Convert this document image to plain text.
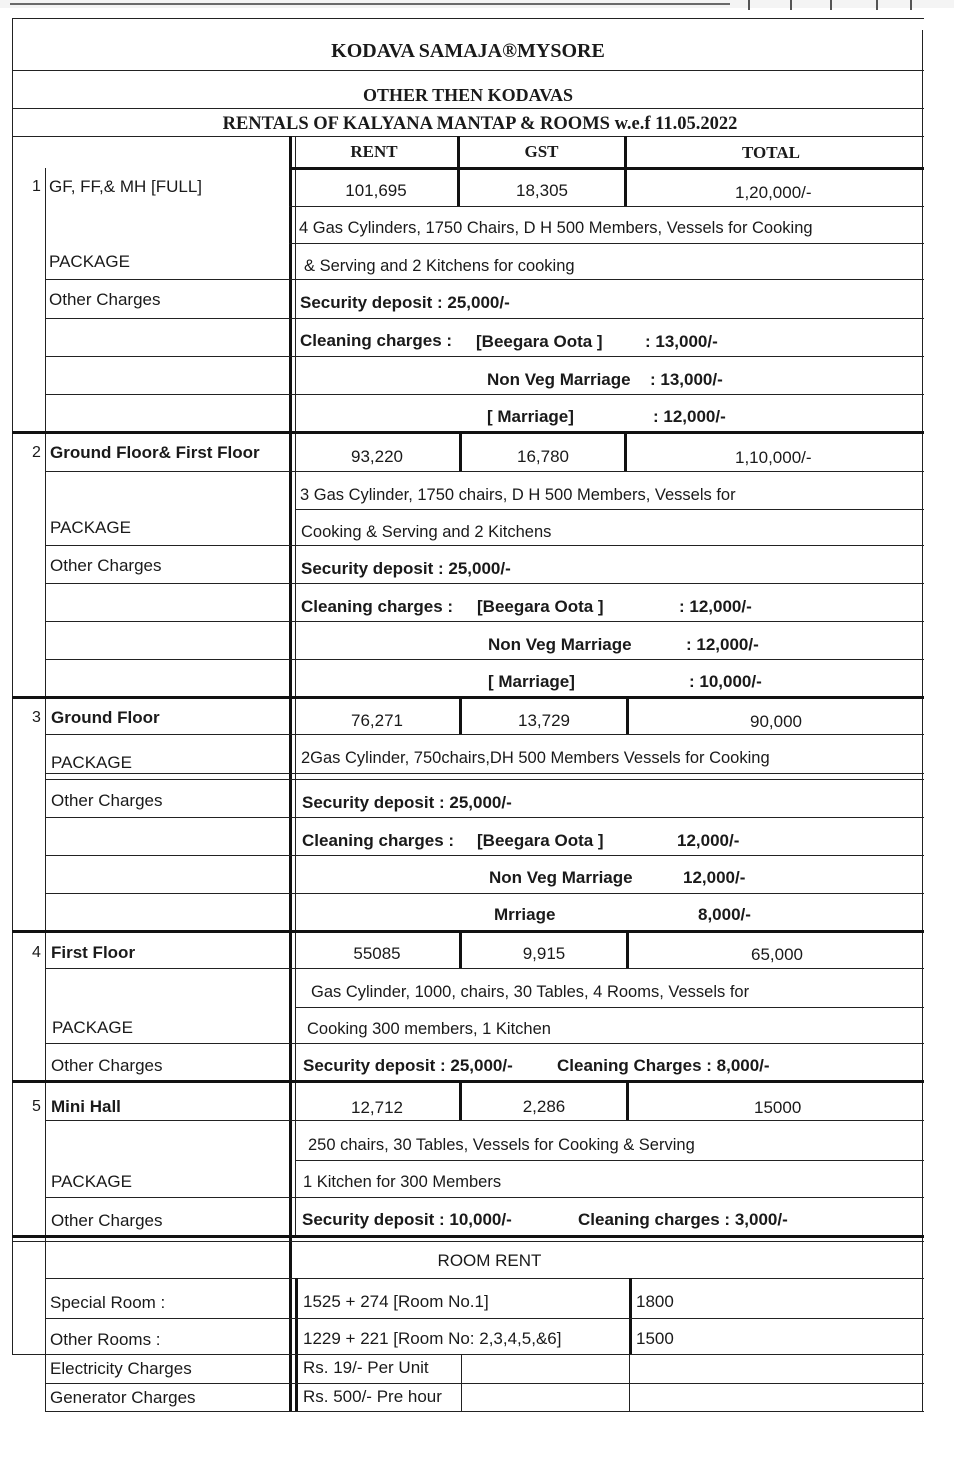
KODAVA SAMAJA®MYSORE
OTHER THEN KODAVAS
RENTALS OF KALYANA MANTAP & ROOMS w.e.f 11.05.2022
RENT	GST	TOTAL
1 GF, FF,& MH [FULL]	101,695	18,305	1,20,000/-
4 Gas Cylinders, 1750 Chairs, D H 500 Members, Vessels for Cooking
PACKAGE	& Serving and 2 Kitchens for cooking
Other Charges	Security deposit : 25,000/-
Cleaning charges : [Beegara Oota ] : 13,000/-
Non Veg Marriage : 13,000/-
[ Marriage]	: 12,000/-
2 Ground Floor& First Floor	93,220	16,780	1,10,000/-
3 Gas Cylinder, 1750 chairs, D H 500 Members, Vessels for
PACKAGE	Cooking & Serving and 2 Kitchens
Other Charges	Security deposit : 25,000/-
Cleaning charges : [Beegara Oota ]	: 12,000/-
Non Veg Marriage	: 12,000/-
[ Marriage]	: 10,000/-
3 Ground Floor	76,271	13,729	90,000
PACKAGE	2Gas Cylinder, 750chairs,DH 500 Members Vessels for Cooking
Other Charges	Security deposit : 25,000/-
Cleaning charges : [Beegara Oota ]	12,000/-
Non Veg Marriage	12,000/-
Mrriage	8,000/-
4 First Floor	55085	9,915	65,000
Gas Cylinder, 1000, chairs, 30 Tables, 4 Rooms, Vessels for
PACKAGE	Cooking 300 members, 1 Kitchen
Other Charges	Security deposit : 25,000/-	Cleaning Charges : 8,000/-
5 Mini Hall	12,712	2,286	15000
250 chairs, 30 Tables, Vessels for Cooking & Serving
PACKAGE	1 Kitchen for 300 Members
Other Charges	Security deposit : 10,000/-	Cleaning charges : 3,000/-
ROOM RENT
Special Room :	1525 + 274 [Room No.1]	1800
Other Rooms :	1229 + 221 [Room No: 2,3,4,5,&6]	1500
Electricity Charges	Rs. 19/- Per Unit
Generator Charges	Rs. 500/- Pre hour
